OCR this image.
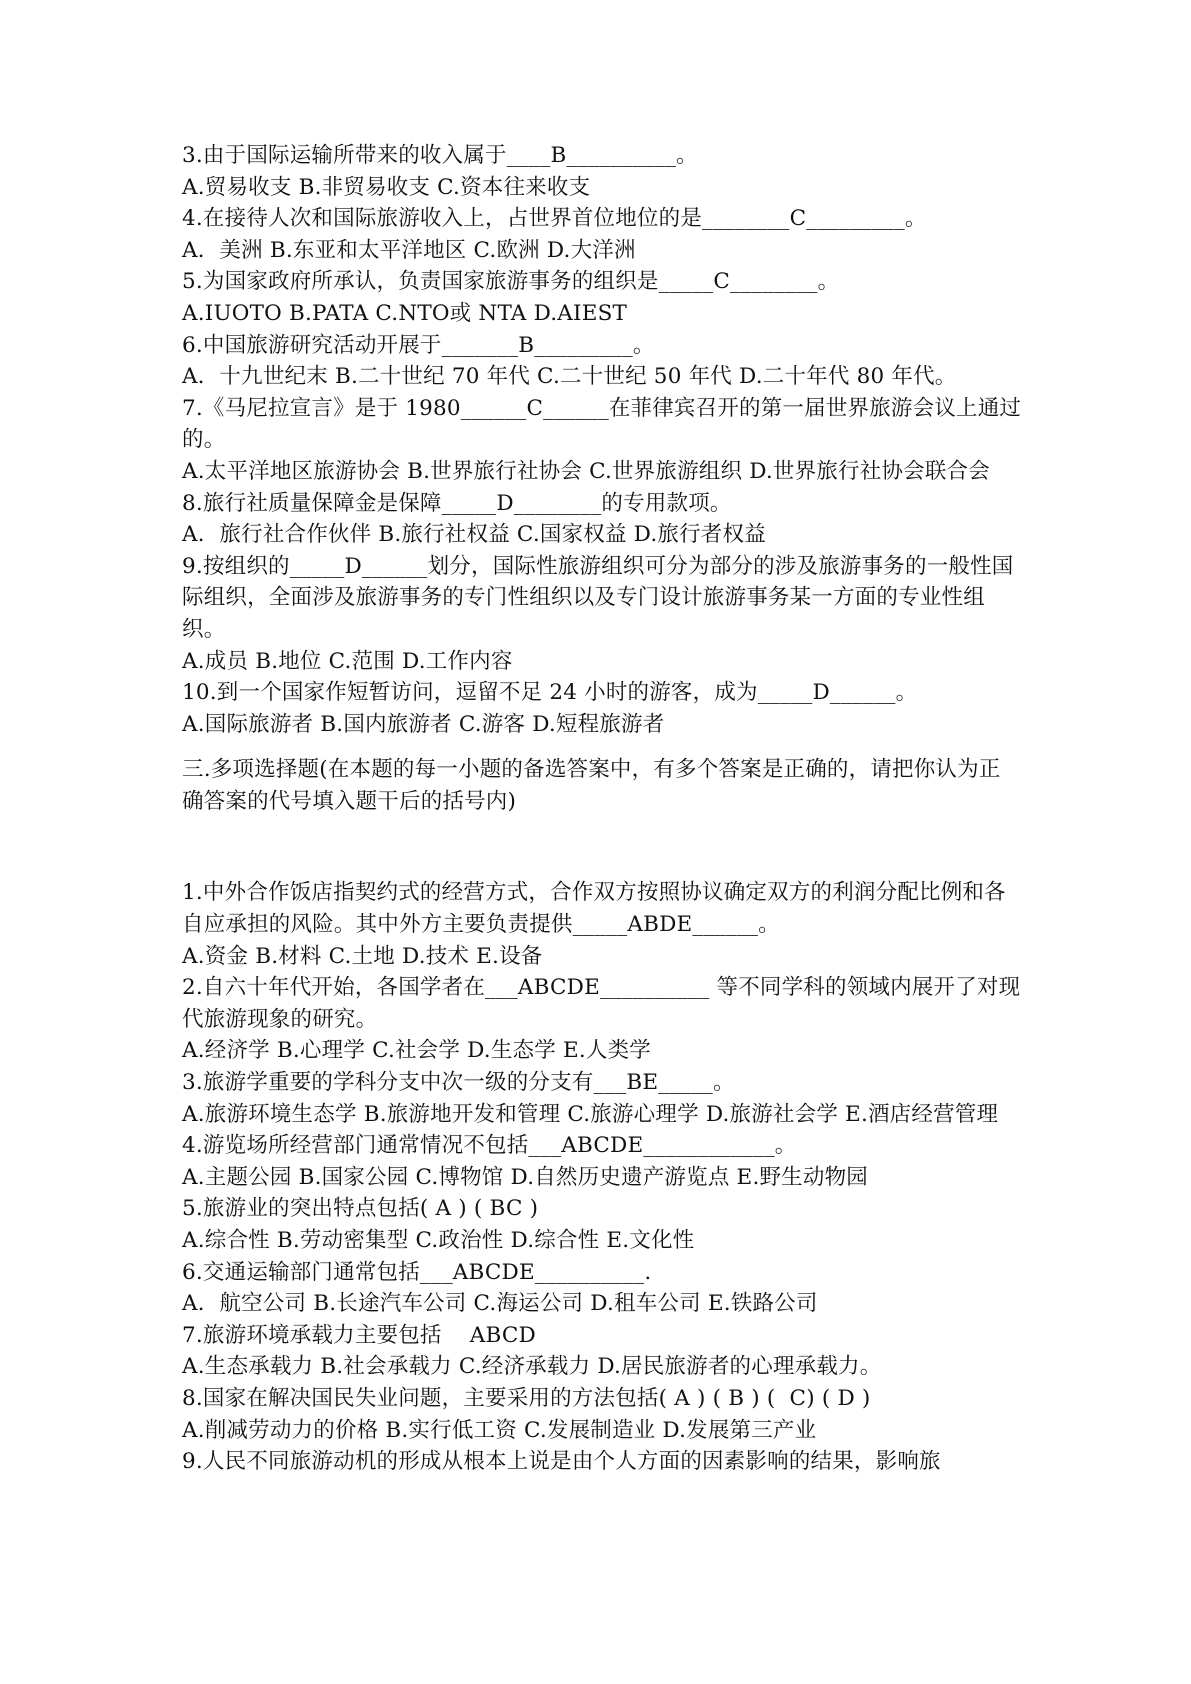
3.由于国际运输所带来的收入属于____B__________。

A.贸易收支 B.非贸易收支 C.资本往来收支

4.在接待人次和国际旅游收入上，占世界首位地位的是________C_________。

A．美洲 B.东亚和太平洋地区 C.欧洲 D.大洋洲

5.为国家政府所承认，负责国家旅游事务的组织是_____C________。

A.IUOTO B.PATA C.NTO或 NTA D.AIEST

6.中国旅游研究活动开展于_______B_________。

A．十九世纪末 B.二十世纪 70 年代 C.二十世纪 50 年代 D.二十年代 80 年代。

7.《马尼拉宣言》是于 1980______C______在菲律宾召开的第一届世界旅游会议上通过的。

A.太平洋地区旅游协会 B.世界旅行社协会 C.世界旅游组织 D.世界旅行社协会联合会

8.旅行社质量保障金是保障_____D________的专用款项。

A．旅行社合作伙伴 B.旅行社权益 C.国家权益 D.旅行者权益

9.按组织的_____D______划分，国际性旅游组织可分为部分的涉及旅游事务的一般性国际组织，全面涉及旅游事务的专门性组织以及专门设计旅游事务某一方面的专业性组织。

A.成员 B.地位 C.范围 D.工作内容

10.到一个国家作短暂访问，逗留不足 24 小时的游客，成为_____D______。

A.国际旅游者 B.国内旅游者 C.游客 D.短程旅游者

三.多项选择题(在本题的每一小题的备选答案中，有多个答案是正确的，请把你认为正确答案的代号填入题干后的括号内)

1.中外合作饭店指契约式的经营方式，合作双方按照协议确定双方的利润分配比例和各自应承担的风险。其中外方主要负责提供_____ABDE______。

A.资金 B.材料 C.土地 D.技术 E.设备

2.自六十年代开始，各国学者在___ABCDE__________ 等不同学科的领域内展开了对现代旅游现象的研究。

A.经济学 B.心理学 C.社会学 D.生态学 E.人类学

3.旅游学重要的学科分支中次一级的分支有___BE_____。

A.旅游环境生态学 B.旅游地开发和管理 C.旅游心理学 D.旅游社会学 E.酒店经营管理

4.游览场所经营部门通常情况不包括___ABCDE____________。

A.主题公园 B.国家公园 C.博物馆 D.自然历史遗产游览点 E.野生动物园

5.旅游业的突出特点包括( A ) ( BC )

A.综合性 B.劳动密集型 C.政治性 D.综合性 E.文化性

6.交通运输部门通常包括___ABCDE__________.

A．航空公司 B.长途汽车公司 C.海运公司 D.租车公司 E.铁路公司

7.旅游环境承载力主要包括    ABCD

A.生态承载力 B.社会承载力 C.经济承载力 D.居民旅游者的心理承载力。

8.国家在解决国民失业问题，主要采用的方法包括( A ) ( B ) (  C) ( D )

A.削减劳动力的价格 B.实行低工资 C.发展制造业 D.发展第三产业

9.人民不同旅游动机的形成从根本上说是由个人方面的因素影响的结果，影响旅
